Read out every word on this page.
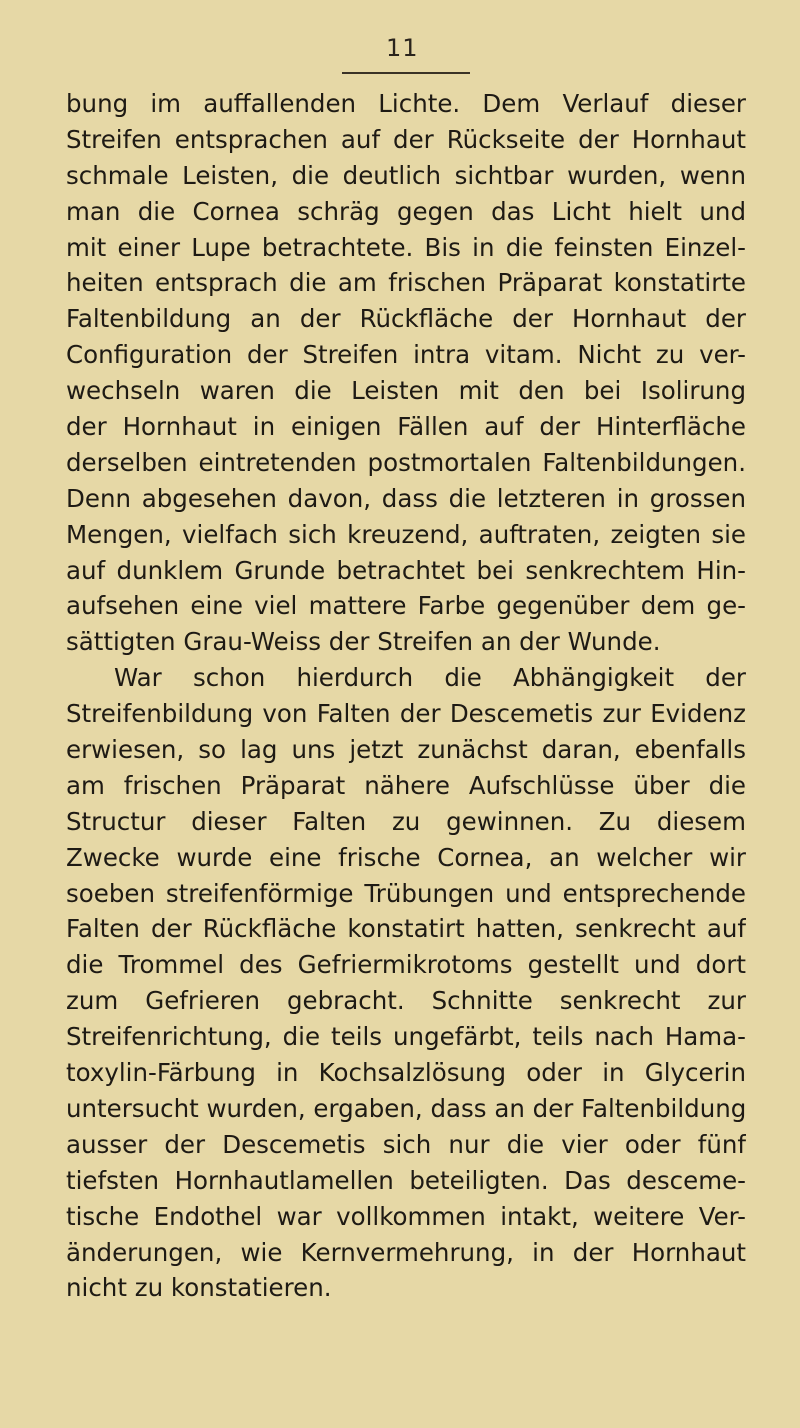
11
bung im auffallenden Lichte. Dem Verlauf dieser
Streifen entsprachen auf der Rückseite der Hornhaut
schmale Leisten, die deutlich sichtbar wurden, wenn
man die Cornea schräg gegen das Licht hielt und
mit einer Lupe betrachtete. Bis in die feinsten Einzel-
heiten entsprach die am frischen Präparat konstatirte
Faltenbildung an der Rückfläche der Hornhaut der
Configuration der Streifen intra vitam. Nicht zu ver-
wechseln waren die Leisten mit den bei Isolirung
der Hornhaut in einigen Fällen auf der Hinterfläche
derselben eintretenden postmortalen Faltenbildungen.
Denn abgesehen davon, dass die letzteren in grossen
Mengen, vielfach sich kreuzend, auftraten, zeigten sie
auf dunklem Grunde betrachtet bei senkrechtem Hin-
aufsehen eine viel mattere Farbe gegenüber dem ge-
sättigten Grau-Weiss der Streifen an der Wunde.
War schon hierdurch die Abhängigkeit der
Streifenbildung von Falten der Descemetis zur Evidenz
erwiesen, so lag uns jetzt zunächst daran, ebenfalls
am frischen Präparat nähere Aufschlüsse über die
Structur dieser Falten zu gewinnen. Zu diesem
Zwecke wurde eine frische Cornea, an welcher wir
soeben streifenförmige Trübungen und entsprechende
Falten der Rückfläche konstatirt hatten, senkrecht auf
die Trommel des Gefriermikrotoms gestellt und dort
zum Gefrieren gebracht. Schnitte senkrecht zur
Streifenrichtung, die teils ungefärbt, teils nach Hama-
toxylin-Färbung in Kochsalzlösung oder in Glycerin
untersucht wurden, ergaben, dass an der Faltenbildung
ausser der Descemetis sich nur die vier oder fünf
tiefsten Hornhautlamellen beteiligten. Das desceme-
tische Endothel war vollkommen intakt, weitere Ver-
änderungen, wie Kernvermehrung, in der Hornhaut
nicht zu konstatieren.
